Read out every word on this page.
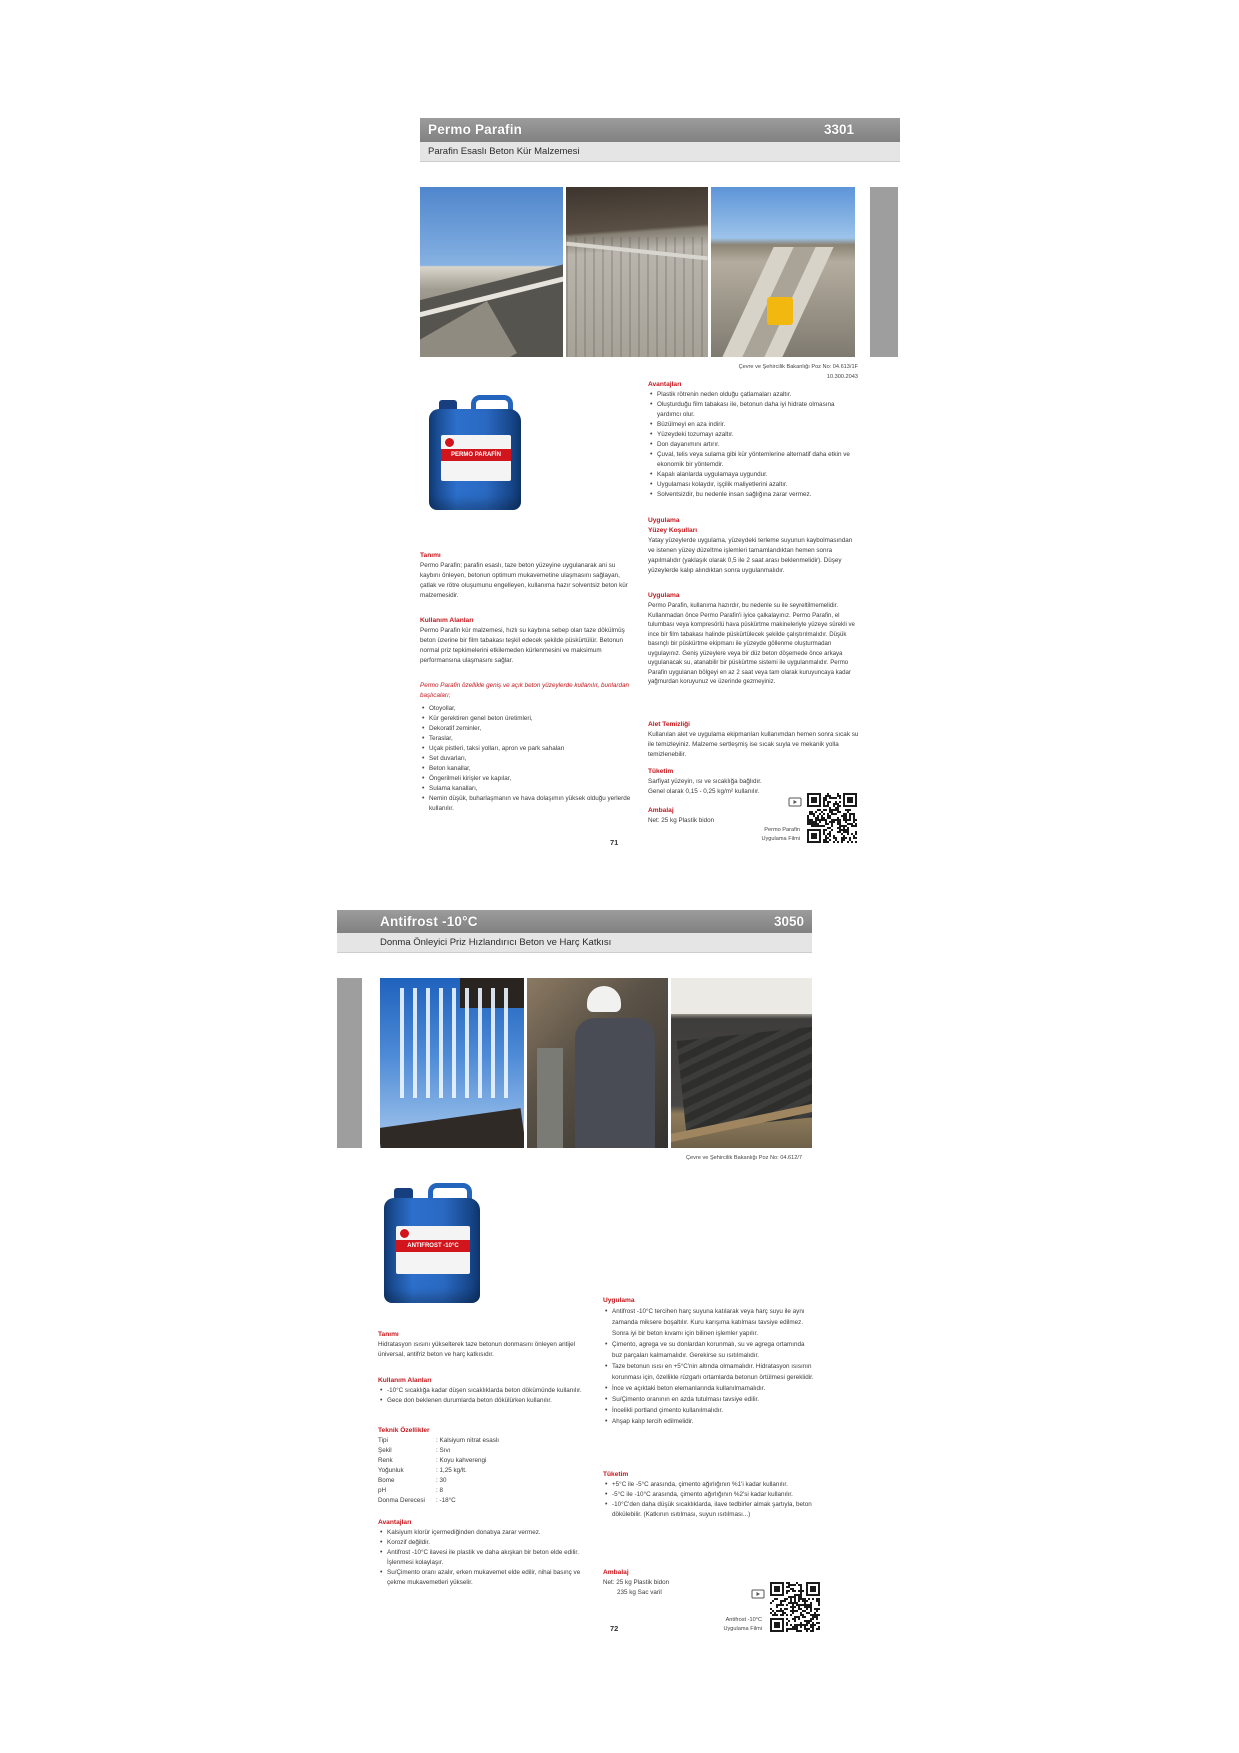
Permo Parafin	3301
Parafin Esaslı Beton Kür Malzemesi
Çevre ve Şehircilik Bakanlığı Poz No: 04.613/1F
10.300.2043
PERMO PARAFİN
Avantajları
• Plastik rötrenin neden olduğu çatlamaları azaltır.
• Oluşturduğu film tabakası ile, betonun daha iyi hidrate olmasına yardımcı olur.
• Büzülmeyi en aza indirir.
• Yüzeydeki tozumayı azaltır.
• Don dayanımını artırır.
• Çuval, telis veya sulama gibi kür yöntemlerine alternatif daha etkin ve ekonomik bir yöntemdir.
• Kapalı alanlarda uygulamaya uygundur.
• Uygulaması kolaydır, işçilik maliyetlerini azaltır.
• Solventsizdir, bu nedenle insan sağlığına zarar vermez.
Uygulama
Yüzey Koşulları
Yatay yüzeylerde uygulama, yüzeydeki terleme suyunun kaybolmasından ve istenen yüzey düzeltme işlemleri tamamlandıktan hemen sonra yapılmalıdır (yaklaşık olarak 0,5 ile 2 saat arası beklenmelidir). Düşey yüzeylerde kalıp alındıktan sonra uygulanmalıdır.
Uygulama
Permo Parafin, kullanıma hazırdır, bu nedenle su ile seyreltilmemelidir. Kullanmadan önce Permo Parafin'i iyice çalkalayınız. Permo Parafin, el tulumbası veya kompresörlü hava püskürtme makineleriyle yüzeye sürekli ve ince bir film tabakası halinde püskürtülecek şekilde çalıştırılmalıdır. Düşük basınçlı bir püskürtme ekipmanı ile yüzeyde göllenme oluşturmadan uygulayınız. Geniş yüzeylere veya bir düz beton döşemede önce arkaya uygulanacak su, atanabilir bir püskürtme sistemi ile uygulanmalıdır. Permo Parafin uygulanan bölgeyi en az 2 saat veya tam olarak kuruyuncaya kadar yağmurdan koruyunuz ve üzerinde gezmeyiniz.
Alet Temizliği
Kullanılan alet ve uygulama ekipmanları kullanımdan hemen sonra sıcak su ile temizleyiniz. Malzeme sertleşmiş ise sıcak suyla ve mekanik yolla temizlenebilir.
Tüketim
Sarfiyat yüzeyin, ısı ve sıcaklığa bağlıdır.
Genel olarak 0,15 - 0,25 kg/m² kullanılır.
Ambalaj
Net: 25 kg Plastik bidon
Permo Parafin
Uygulama Filmi
Tanımı
Permo Parafin; parafin esaslı, taze beton yüzeyine uygulanarak ani su kaybını önleyen, betonun optimum mukavemetine ulaşmasını sağlayan, çatlak ve rötre oluşumunu engelleyen, kullanıma hazır solventsiz beton kür malzemesidir.
Kullanım Alanları
Permo Parafin kür malzemesi, hızlı su kaybına sebep olan taze dökülmüş beton üzerine bir film tabakası teşkil edecek şekilde püskürtülür. Betonun normal priz tepkimelerini etkilemeden kürlenmesini ve maksimum performansına ulaşmasını sağlar.
Permo Parafin özellikle geniş ve açık beton yüzeylerde kullanılır, bunlardan başlıcaları;
• Otoyollar,
• Kür gerektiren genel beton üretimleri,
• Dekoratif zeminler,
• Teraslar,
• Uçak pistleri, taksi yolları, apron ve park sahaları
• Set duvarları,
• Beton kanallar,
• Öngerilmeli kirişler ve kapılar,
• Sulama kanalları,
• Nemin düşük, buharlaşmanın ve hava dolaşımın yüksek olduğu yerlerde kullanılır.
71
Antifrost -10°C	3050
Donma Önleyici Priz Hızlandırıcı Beton ve Harç Katkısı
Çevre ve Şehircilik Bakanlığı Poz No: 04.612/7
ANTIFROST -10°C
Tanımı
Hidratasyon ısısını yükselterek taze betonun donmasını önleyen antijel üniversal, antifriz beton ve harç katkısıdır.
Kullanım Alanları
• -10°C sıcaklığa kadar düşen sıcaklıklarda beton dökümünde kullanılır.
• Gece don beklenen durumlarda beton dökülürken kullanılır.
Teknik Özellikler
Tipi	: Kalsiyum nitrat esaslı
Şekil	: Sıvı
Renk	: Koyu kahverengi
Yoğunluk	: 1,25 kg/lt.
Bome	: 30
pH	: 8
Donma Derecesi	: -18°C
Avantajları
• Kalsiyum klorür içermediğinden donatıya zarar vermez.
• Korozif değildir.
• Antifrost -10°C ilavesi ile plastik ve daha akışkan bir beton elde edilir. İşlenmesi kolaylaşır.
• Su/Çimento oranı azalır, erken mukavemet elde edilir, nihai basınç ve çekme mukavemetleri yükselir.
Uygulama
• Antifrost -10°C tercihen harç suyuna katılarak veya harç suyu ile aynı zamanda miksere boşaltılır. Kuru karışıma katılması tavsiye edilmez. Sonra iyi bir beton kıvamı için bilinen işlemler yapılır.
• Çimento, agrega ve su donlardan korunmalı, su ve agrega ortamında buz parçaları kalmamalıdır. Gerekirse su ısıtılmalıdır.
• Taze betonun ısısı en +5°C'nin altında olmamalıdır. Hidratasyon ısısının korunması için, özellikle rüzgarlı ortamlarda betonun örtülmesi gereklidir.
• İnce ve açıktaki beton elemanlarında kullanılmamalıdır.
• Su/Çimento oranının en azda tutulması tavsiye edilir.
• İncelikli portland çimento kullanılmalıdır.
• Ahşap kalıp tercih edilmelidir.
Tüketim
• +5°C ile -5°C arasında, çimento ağırlığının %1'i kadar kullanılır.
• -5°C ile -10°C arasında, çimento ağırlığının %2'si kadar kullanılır.
• -10°C'den daha düşük sıcaklıklarda, ilave tedbirler almak şartıyla, beton dökülebilir. (Katkının ısıtılması, suyun ısıtılması...)
Ambalaj
Net: 25 kg Plastik bidon
235 kg Sac varil
Antifrost -10°C
Uygulama Filmi
72
